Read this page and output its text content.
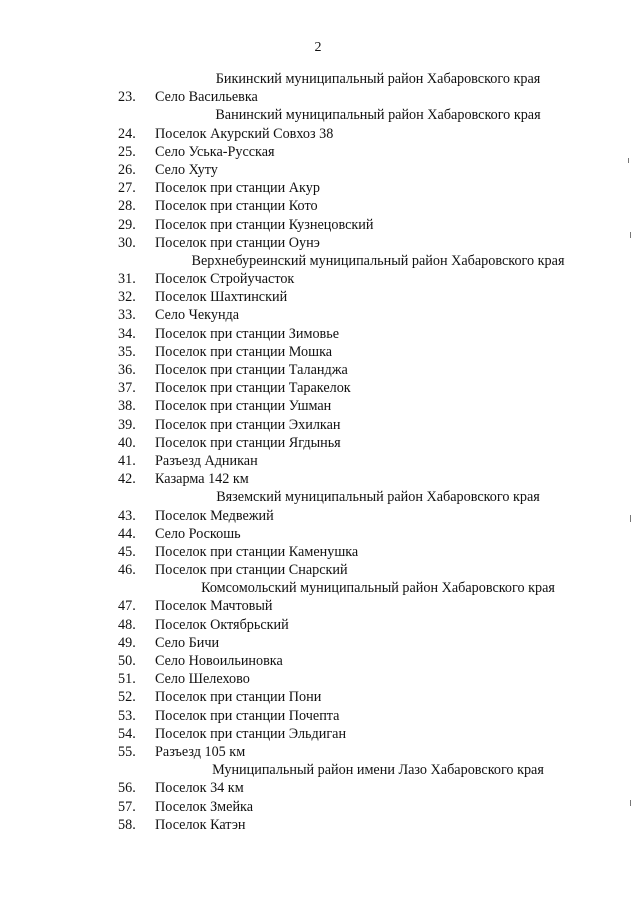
2
Бикинский муниципальный район Хабаровского края
23. Село Васильевка
Ванинский муниципальный район Хабаровского края
24. Поселок Акурский Совхоз 38
25. Село Уська-Русская
26. Село Хуту
27. Поселок при станции Акур
28. Поселок при станции Кото
29. Поселок при станции Кузнецовский
30. Поселок при станции Оунэ
Верхнебуреинский муниципальный район Хабаровского края
31. Поселок Стройучасток
32. Поселок Шахтинский
33. Село Чекунда
34. Поселок при станции Зимовье
35. Поселок при станции Мошка
36. Поселок при станции Таланджа
37. Поселок при станции Таракелок
38. Поселок при станции Ушман
39. Поселок при станции Эхилкан
40. Поселок при станции Ягдынья
41. Разъезд Адникан
42. Казарма 142 км
Вяземский муниципальный район Хабаровского края
43. Поселок Медвежий
44. Село Роскошь
45. Поселок при станции Каменушка
46. Поселок при станции Снарский
Комсомольский муниципальный район Хабаровского края
47. Поселок Мачтовый
48. Поселок Октябрьский
49. Село Бичи
50. Село Новоильиновка
51. Село Шелехово
52. Поселок при станции Пони
53. Поселок при станции Почепта
54. Поселок при станции Эльдиган
55. Разъезд 105 км
Муниципальный район имени Лазо Хабаровского края
56. Поселок 34 км
57. Поселок Змейка
58. Поселок Катэн
